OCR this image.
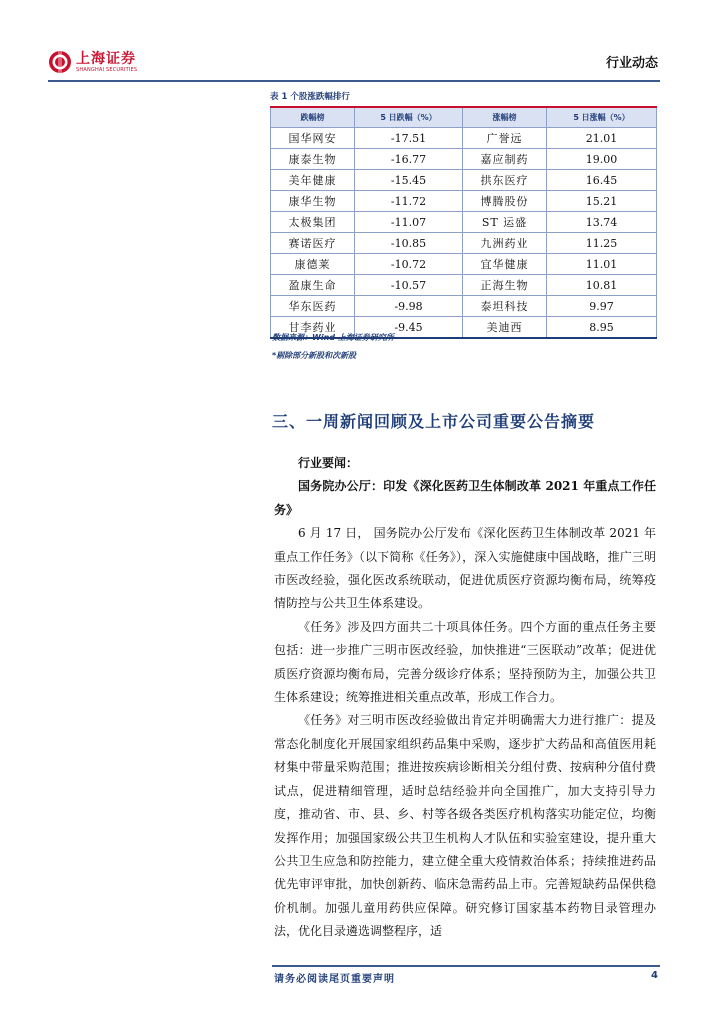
上海证券
SHANGHAI SECURITIES	行业动态
表 1 个股涨跌幅排行
跌幅榜	5 日跌幅（%）	涨幅榜	5 日涨幅（%）
国华网安	-17.51	广誉远	21.01
康泰生物	-16.77	嘉应制药	19.00
美年健康	-15.45	拱东医疗	16.45
康华生物	-11.72	博腾股份	15.21
太极集团	-11.07	ST 运盛	13.74
赛诺医疗	-10.85	九洲药业	11.25
康德莱	-10.72	宜华健康	11.01
盈康生命	-10.57	正海生物	10.81
华东医药	-9.98	泰坦科技	9.97
甘李药业	-9.45	美迪西	8.95
数据来源：Wind 上海证券研究所
*剔除部分新股和次新股
三、一周新闻回顾及上市公司重要公告摘要

行业要闻：

国务院办公厅：印发《深化医药卫生体制改革 2021 年重点工作任务》

6 月 17 日， 国务院办公厅发布《深化医药卫生体制改革 2021 年重点工作任务》（以下简称《任务》），深入实施健康中国战略，推广三明市医改经验，强化医改系统联动，促进优质医疗资源均衡布局，统筹疫情防控与公共卫生体系建设。

《任务》涉及四方面共二十项具体任务。四个方面的重点任务主要包括：进一步推广三明市医改经验，加快推进“三医联动”改革；促进优质医疗资源均衡布局，完善分级诊疗体系；坚持预防为主，加强公共卫生体系建设；统筹推进相关重点改革，形成工作合力。

《任务》对三明市医改经验做出肯定并明确需大力进行推广：提及常态化制度化开展国家组织药品集中采购，逐步扩大药品和高值医用耗材集中带量采购范围；推进按疾病诊断相关分组付费、按病种分值付费试点，促进精细管理，适时总结经验并向全国推广，加大支持引导力度，推动省、市、县、乡、村等各级各类医疗机构落实功能定位，均衡发挥作用；加强国家级公共卫生机构人才队伍和实验室建设，提升重大公共卫生应急和防控能力，建立健全重大疫情救治体系；持续推进药品优先审评审批，加快创新药、临床急需药品上市。完善短缺药品保供稳价机制。加强儿童用药供应保障。研究修订国家基本药物目录管理办法，优化目录遴选调整程序，适

请务必阅读尾页重要声明	4
